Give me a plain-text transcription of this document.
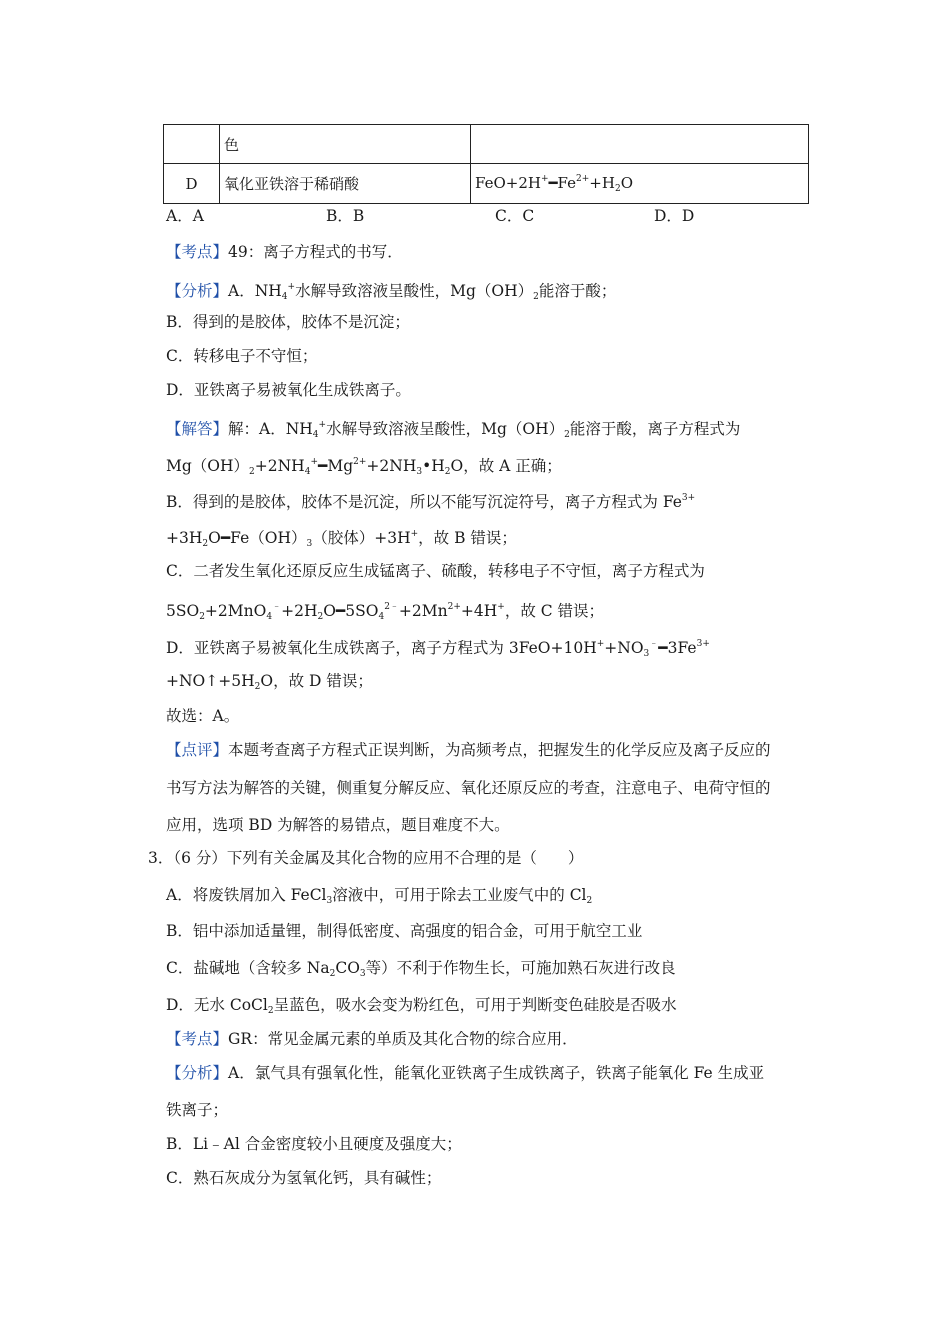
	色	
D	氧化亚铁溶于稀硝酸	$FeO+2H^+━Fe^{2+}+H_2O$
A．A	B．B	C．C	D．D
【考点】49：离子方程式的书写．
【分析】A．$NH_4^+$水解导致溶液呈酸性，$Mg(OH)_2$能溶于酸；
B．得到的是胶体，胶体不是沉淀；
C．转移电子不守恒；
D．亚铁离子易被氧化生成铁离子。
【解答】解：A．$NH_4^+$水解导致溶液呈酸性，$Mg(OH)_2$能溶于酸，离子方程式为
$Mg(OH)_2+2NH_4^+━Mg^{2+}+2NH_3•H_2O$，故 A 正确；
B．得到的是胶体，胶体不是沉淀，所以不能写沉淀符号，离子方程式为 $Fe^{3+}$
$+3H_2O━Fe(OH)_3$（胶体）+3H+，故 B 错误；
C．二者发生氧化还原反应生成锰离子、硫酸，转移电子不守恒，离子方程式为
$5SO_2+2MnO_4^﹣+2H_2O━5SO_4^{2﹣}+2Mn^{2+}+4H^+$，故 C 错误；
D．亚铁离子易被氧化生成铁离子，离子方程式为 $3FeO+10H^++NO_3^﹣━3Fe^{3+}$
$+NO↑+5H_2O$，故 D 错误；
故选：A。
【点评】本题考查离子方程式正误判断，为高频考点，把握发生的化学反应及离子反应的
书写方法为解答的关键，侧重复分解反应、氧化还原反应的考查，注意电子、电荷守恒的
应用，选项 BD 为解答的易错点，题目难度不大。
3．（6 分）下列有关金属及其化合物的应用不合理的是（　　）
A．将废铁屑加入 FeCl$_3$溶液中，可用于除去工业废气中的 $Cl_2$
B．铝中添加适量锂，制得低密度、高强度的铝合金，可用于航空工业
C．盐碱地（含较多 $Na_2CO_3$等）不利于作物生长，可施加熟石灰进行改良
D．无水 CoCl$_2$呈蓝色，吸水会变为粉红色，可用于判断变色硅胶是否吸水
【考点】GR：常见金属元素的单质及其化合物的综合应用．
【分析】A．氯气具有强氧化性，能氧化亚铁离子生成铁离子，铁离子能氧化 Fe 生成亚
铁离子；
B．Li﹣Al 合金密度较小且硬度及强度大；
C．熟石灰成分为氢氧化钙，具有碱性；
